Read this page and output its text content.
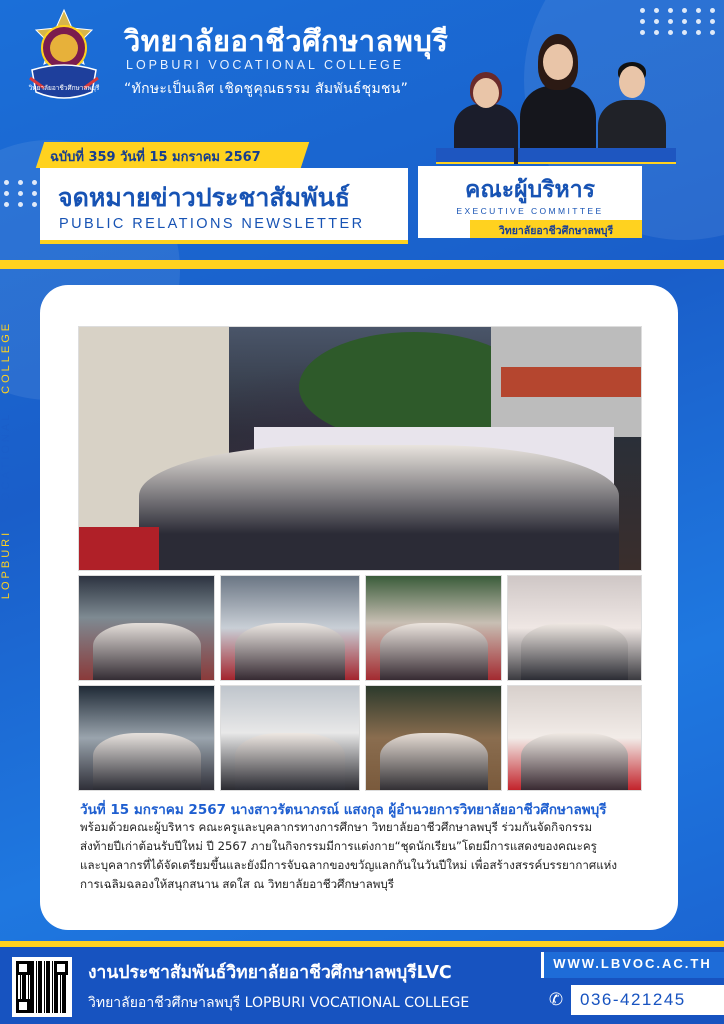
วิทยาลัยอาชีวศึกษาลพบุรี
วิทยาลัยอาชีวศึกษาลพบุรี
LOPBURI VOCATIONAL COLLEGE
“ทักษะเป็นเลิศ เชิดชูคุณธรรม สัมพันธ์ชุมชน”
ฉบับที่ 359 วันที่ 15 มกราคม 2567
จดหมายข่าวประชาสัมพันธ์
PUBLIC RELATIONS NEWSLETTER
คณะผู้บริหาร
EXECUTIVE COMMITTEE
วิทยาลัยอาชีวศึกษาลพบุรี
LOPBURI   VOCATIONAL   COLLEGE
วันที่ 15 มกราคม 2567 นางสาวรัตนาภรณ์ แสงกุล ผู้อำนวยการวิทยาลัยอาชีวศึกษาลพบุรี

พร้อมด้วยคณะผู้บริหาร คณะครูและบุคลากรทางการศึกษา วิทยาลัยอาชีวศึกษาลพบุรี ร่วมกันจัดกิจกรรม

ส่งท้ายปีเก่าต้อนรับปีใหม่ ปี 2567 ภายในกิจกรรมมีการแต่งกาย“ชุดนักเรียน”โดยมีการแสดงของคณะครู

และบุคลากรที่ได้จัดเตรียมขึ้นและยังมีการจับฉลากของขวัญแลกกันในวันปีใหม่ เพื่อสร้างสรรค์บรรยากาศแห่ง

การเฉลิมฉลองให้สนุกสนาน สดใส ณ วิทยาลัยอาชีวศึกษาลพบุรี

งานประชาสัมพันธ์วิทยาลัยอาชีวศึกษาลพบุรีLVC
วิทยาลัยอาชีวศึกษาลพบุรี LOPBURI VOCATIONAL COLLEGE
WWW.LBVOC.AC.TH
✆ 036-421245
